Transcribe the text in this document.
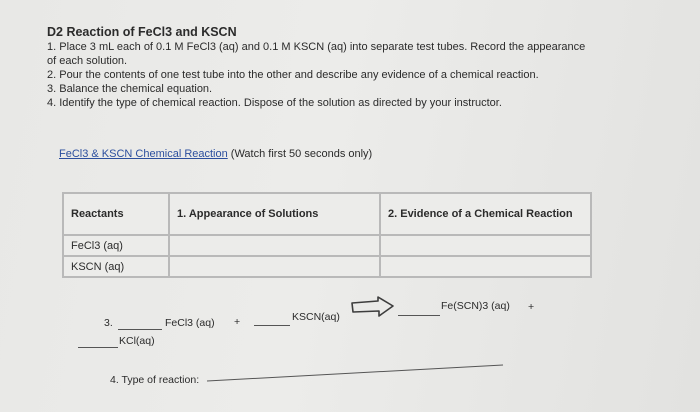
D2 Reaction of FeCl3 and KSCN
1. Place 3 mL each of 0.1 M FeCl3 (aq) and 0.1 M KSCN (aq) into separate test tubes. Record the appearance
of each solution.
2. Pour the contents of one test tube into the other and describe any evidence of a chemical reaction.
3. Balance the chemical equation.
4. Identify the type of chemical reaction. Dispose of the solution as directed by your instructor.
FeCl3 & KSCN Chemical Reaction (Watch first 50 seconds only)
Reactants	1. Appearance of Solutions	2. Evidence of a Chemical Reaction
FeCl3 (aq)		
KSCN (aq)		
3.	FeCl3 (aq) +	KSCN(aq)
Fe(SCN)3 (aq) +
KCl(aq)
4. Type of reaction:
